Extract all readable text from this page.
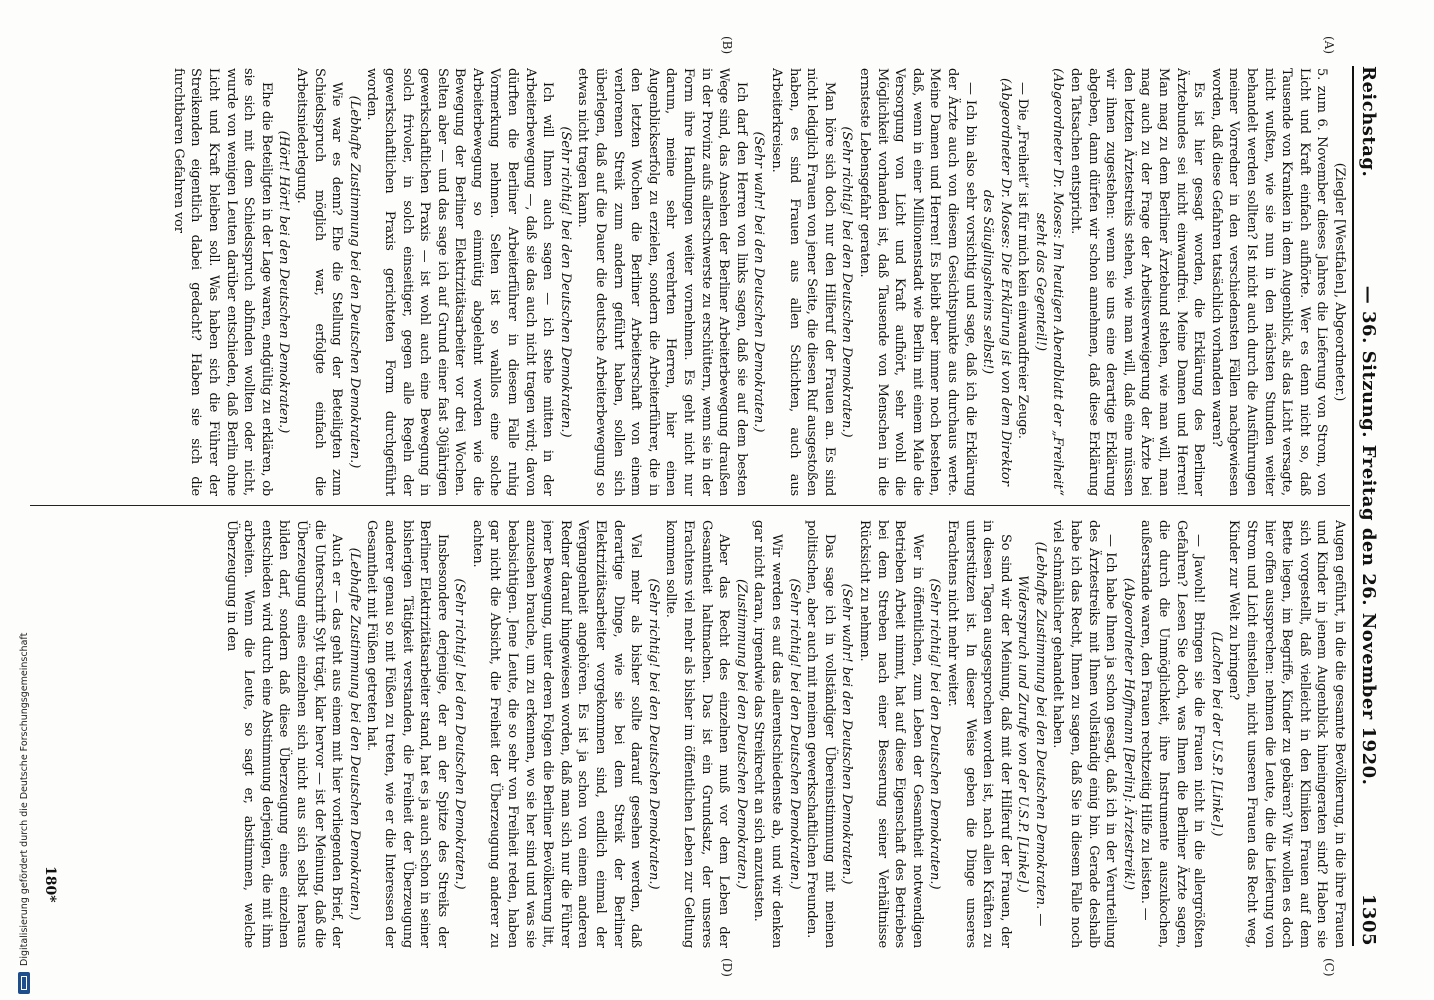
Reichstag.
— 36. Sitzung. Freitag den 26. November 1920.
1305
(A)
(B)
(C)
(D)

(Ziegler [Westfalen], Abgeordneter.)

5. zum 6. November dieses Jahres die Lieferung von Strom, von Licht und Kraft einfach aufhörte. Wer es denn nicht so, daß Tausende von Kranken in dem Augenblick, als das Licht versagte, nicht wußten, wie sie nun in den nächsten Stunden weiter behandelt werden sollten? Ist nicht auch durch die Ausführungen meiner Vorredner in den verschiedensten Fällen nachgewiesen worden, daß diese Gefahren tatsächlich vorhanden waren?

Es ist hier gesagt worden, die Erklärung des Berliner Ärztebundes sei nicht einwandfrei. Meine Damen und Herren! Man mag zu dem Berliner Ärztebund stehen, wie man will, man mag auch zu der Frage der Arbeitsverweigerung der Ärzte bei den letzten Ärztestreiks stehen, wie man will, daß eine müssen wir ihnen zugestehen: wenn sie uns eine derartige Erklärung abgeben, dann dürfen wir schon annehmen, daß diese Erklärung den Tatsachen entspricht.

(Abgeordneter Dr. Moses: Im heutigen Abendblatt der „Freiheit“ steht das Gegenteil!)

— Die „Freiheit“ ist für mich kein einwandfreier Zeuge.

(Abgeordneter Dr. Moses: Die Erklärung ist von dem Direktor des Säuglingsheims selbst!)

— Ich bin also sehr vorsichtig und sage, daß ich die Erklärung der Ärzte auch von diesem Gesichtspunkte aus durchaus werte. Meine Damen und Herren! Es bleibt aber immer noch bestehen, daß, wenn in einer Millionenstadt wie Berlin mit einem Male die Versorgung von Licht und Kraft aufhört, sehr wohl die Möglichkeit vorhanden ist, daß Tausende von Menschen in die ernsteste Lebensgefahr geraten.

(Sehr richtig! bei den Deutschen Demokraten.)

Man höre sich doch nur den Hilferuf der Frauen an. Es sind nicht lediglich Frauen von jener Seite, die diesen Ruf ausgestoßen haben, es sind Frauen aus allen Schichten, auch aus Arbeiterkreisen.

(Sehr wahr! bei den Deutschen Demokraten.)

Ich darf den Herren von links sagen, daß sie auf dem besten Wege sind, das Ansehen der Berliner Arbeiterbewegung draußen in der Provinz aufs allerschwerste zu erschüttern, wenn sie in der Form ihre Handlungen weiter vornehmen. Es geht nicht nur darum, meine sehr verehrten Herren, hier einen Augenblickserfolg zu erzielen, sondern die Arbeiterführer, die in den letzten Wochen die Berliner Arbeiterschaft von einem verlorenen Streik zum andern geführt haben, sollen sich überlegen, daß auf die Dauer die deutsche Arbeiterbewegung so etwas nicht tragen kann.

(Sehr richtig! bei den Deutschen Demokraten.)

Ich will Ihnen auch sagen — ich stehe mitten in der Arbeiterbewegung —, daß sie das auch nicht tragen wird; davon dürften die Berliner Arbeiterführer in diesem Falle ruhig Vormerkung nehmen. Selten ist so wahllos eine solche Arbeiterbewegung so einmütig abgelehnt worden wie die Bewegung der Berliner Elektrizitätsarbeiter vor drei Wochen. Selten aber — und das sage ich auf Grund einer fast 30jährigen gewerkschaftlichen Praxis — ist wohl auch eine Bewegung in solch frivoler, in solch einseitiger, gegen alle Regeln der gewerkschaftlichen Praxis gerichteten Form durchgeführt worden.

(Lebhafte Zustimmung bei den Deutschen Demokraten.)

Wie war es denn? Ehe die Stellung der Beteiligten zum Schiedsspruch möglich war, erfolgte einfach die Arbeitsniederlegung.

(Hört! Hört! bei den Deutschen Demokraten.)

Ehe die Beteiligten in der Lage waren, endgültig zu erklären, ob sie sich mit dem Schiedsspruch abfinden wollten oder nicht, wurde von wenigen Leuten darüber entschieden, daß Berlin ohne Licht und Kraft bleiben soll. Was haben sich die Führer der Streikenden eigentlich dabei gedacht? Haben sie sich die furchtbaren Gefahren vor

Augen geführt, in die die gesamte Bevölkerung, in die ihre Frauen und Kinder in jenem Augenblick hineingeraten sind? Haben sie sich vorgestellt, daß vielleicht in den Kliniken Frauen auf dem Bette liegen, im Begriffe, Kinder zu gebären? Wir wollen es doch hier offen aussprechen: nehmen die Leute, die die Lieferung von Strom und Licht einstellen, nicht unseren Frauen das Recht weg, Kinder zur Welt zu bringen?

(Lachen bei der U.S.P. [Linke].)

— Jawohl! Bringen sie die Frauen nicht in die allergrößten Gefahren? Lesen Sie doch, was Ihnen die Berliner Ärzte sagen, die durch die Unmöglichkeit, ihre Instrumente auszukochen, außerstande waren, den Frauen rechtzeitig Hilfe zu leisten. —

(Abgeordneter Hoffmann [Berlin]: Ärztestreik!)

— Ich habe Ihnen ja schon gesagt, daß ich in der Verurteilung des Ärztestreiks mit Ihnen vollständig einig bin. Gerade deshalb habe ich das Recht, Ihnen zu sagen, daß Sie in diesem Falle noch viel schmählicher gehandelt haben.

(Lebhafte Zustimmung bei den Deutschen Demokraten. — Widerspruch und Zurufe von der U.S.P. [Linke].)

So sind wir der Meinung, daß mit der Hilferuf der Frauen, der in diesen Tagen ausgesprochen worden ist, nach allen Kräften zu unterstützen ist. In dieser Weise geben die Dinge unseres Erachtens nicht mehr weiter.

(Sehr richtig! bei den Deutschen Demokraten.)

Wer in öffentlichen, zum Leben der Gesamtheit notwendigen Betrieben Arbeit nimmt, hat auf diese Eigenschaft des Betriebes bei dem Streben nach einer Besserung seiner Verhältnisse Rücksicht zu nehmen.

(Sehr wahr! bei den Deutschen Demokraten.)

Das sage ich in vollständiger Übereinstimmung mit meinen politischen, aber auch mit meinen gewerkschaftlichen Freunden.

(Sehr richtig! bei den Deutschen Demokraten.)

Wir werden es auf das allerentschiedenste ab, und wir denken gar nicht daran, irgendwie das Streikrecht an sich anzutasten.

(Zustimmung bei den Deutschen Demokraten.)

Aber das Recht des einzelnen muß vor dem Leben der Gesamtheit haltmachen. Das ist ein Grundsatz, der unseres Erachtens viel mehr als bisher im öffentlichen Leben zur Geltung kommen sollte.

(Sehr richtig! bei den Deutschen Demokraten.)

Viel mehr als bisher sollte darauf gesehen werden, daß derartige Dinge, wie sie bei dem Streik der Berliner Elektrizitätsarbeiter vorgekommen sind, endlich einmal der Vergangenheit angehören. Es ist ja schon von einem anderen Redner darauf hingewiesen worden, daß man sich nur die Führer jener Bewegung, unter deren Folgen die Berliner Bevölkerung litt, anzusehen brauche, um zu erkennen, wo sie her sind und was sie beabsichtigen. Jene Leute, die so sehr von Freiheit reden, haben gar nicht die Absicht, die Freiheit der Überzeugung anderer zu achten.

(Sehr richtig! bei den Deutschen Demokraten.)

Insbesondere derjenige, der an der Spitze des Streiks der Berliner Elektrizitätsarbeiter stand, hat es ja auch schon in seiner bisherigen Tätigkeit verstanden, die Freiheit der Überzeugung anderer genau so mit Füßen zu treten, wie er die Interessen der Gesamtheit mit Füßen getreten hat.

(Lebhafte Zustimmung bei den Deutschen Demokraten.)

Auch er — das geht aus einem mit hier vorliegenden Brief, der die Unterschrift Sylt trägt, klar hervor — ist der Meinung, daß die Überzeugung eines einzelnen sich nicht aus sich selbst heraus bilden darf, sondern daß diese Überzeugung eines einzelnen entschieden wird durch eine Abstimmung derjenigen, die mit ihm arbeiten. Wenn die Leute, so sagt er, abstimmen, welche Überzeugung in den

180*
Digitalisierung gefördert durch die Deutsche Forschungsgemeinschaft
